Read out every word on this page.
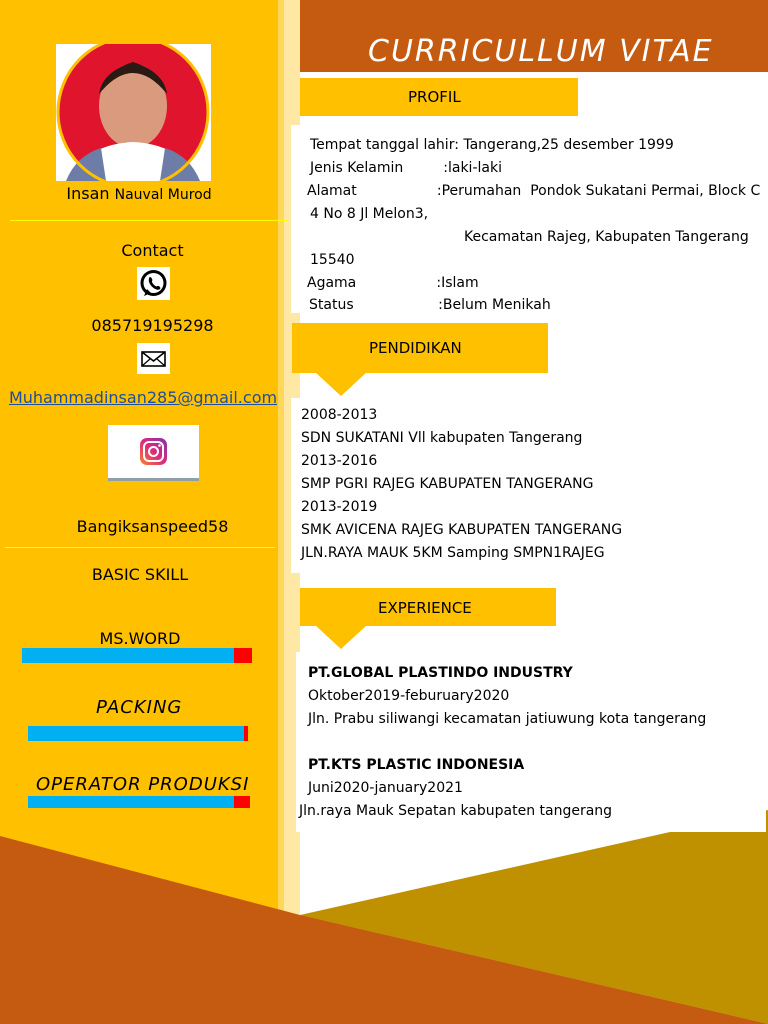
CURRICULLUM VITAE
Insan Nauval Murod
Contact
085719195298
Muhammadinsan285@gmail.com
Bangiksanspeed58
BASIC SKILL
MS.WORD
PACKING
OPERATOR PRODUKSI
PROFIL
Tempat tanggal lahir: Tangerang,25 desember 1999
Jenis Kelamin         :laki-laki
Alamat                  :Perumahan  Pondok Sukatani Permai, Block C
4 No 8 Jl Melon3,
Kecamatan Rajeg, Kabupaten Tangerang
15540
Agama                  :Islam
Status                   :Belum Menikah
PENDIDIKAN
2008-2013
SDN SUKATANI Vll kabupaten Tangerang
2013-2016
SMP PGRI RAJEG KABUPATEN TANGERANG
2013-2019
SMK AVICENA RAJEG KABUPATEN TANGERANG
JLN.RAYA MAUK 5KM Samping SMPN1RAJEG
EXPERIENCE
PT.GLOBAL PLASTINDO INDUSTRY
Oktober2019-feburuary2020
Jln. Prabu siliwangi kecamatan jatiuwung kota tangerang
PT.KTS PLASTIC INDONESIA
Juni2020-january2021
Jln.raya Mauk Sepatan kabupaten tangerang
